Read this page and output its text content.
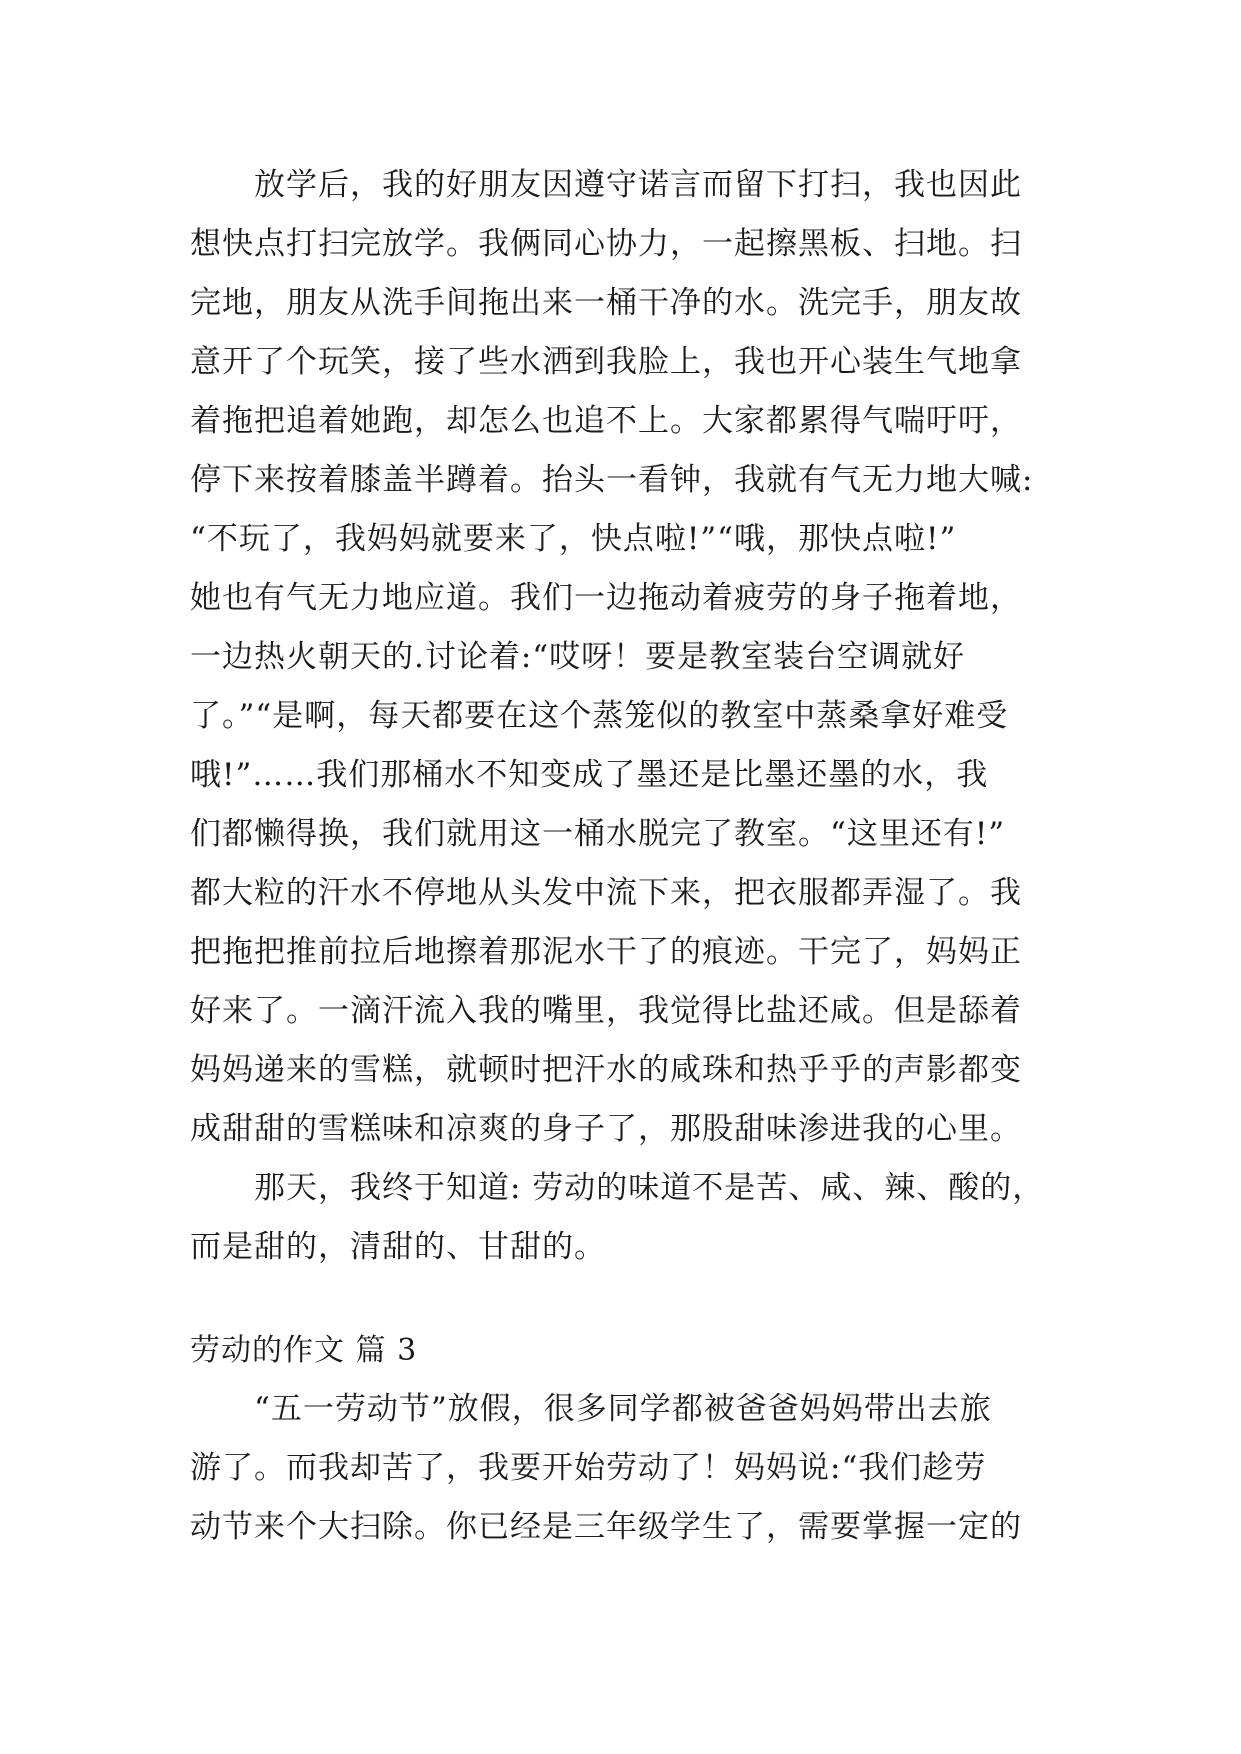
放学后，我的好朋友因遵守诺言而留下打扫，我也因此
想快点打扫完放学。我俩同心协力，一起擦黑板、扫地。扫
完地，朋友从洗手间拖出来一桶干净的水。洗完手，朋友故
意开了个玩笑，接了些水洒到我脸上，我也开心装生气地拿
着拖把追着她跑，却怎么也追不上。大家都累得气喘吁吁，
停下来按着膝盖半蹲着。抬头一看钟，我就有气无力地大喊:
“不玩了，我妈妈就要来了，快点啦!”“哦，那快点啦!”
她也有气无力地应道。我们一边拖动着疲劳的身子拖着地，
一边热火朝天的.讨论着:“哎呀！要是教室装台空调就好
了。”“是啊，每天都要在这个蒸笼似的教室中蒸桑拿好难受
哦!”……我们那桶水不知变成了墨还是比墨还墨的水，我
们都懒得换，我们就用这一桶水脱完了教室。“这里还有!”
都大粒的汗水不停地从头发中流下来，把衣服都弄湿了。我
把拖把推前拉后地擦着那泥水干了的痕迹。干完了，妈妈正
好来了。一滴汗流入我的嘴里，我觉得比盐还咸。但是舔着
妈妈递来的雪糕，就顿时把汗水的咸珠和热乎乎的声影都变
成甜甜的雪糕味和凉爽的身子了，那股甜味渗进我的心里。
那天，我终于知道: 劳动的味道不是苦、咸、辣、酸的，
而是甜的，清甜的、甘甜的。
劳动的作文 篇 3
“五一劳动节”放假，很多同学都被爸爸妈妈带出去旅
游了。而我却苦了，我要开始劳动了！妈妈说:“我们趁劳
动节来个大扫除。你已经是三年级学生了，需要掌握一定的
